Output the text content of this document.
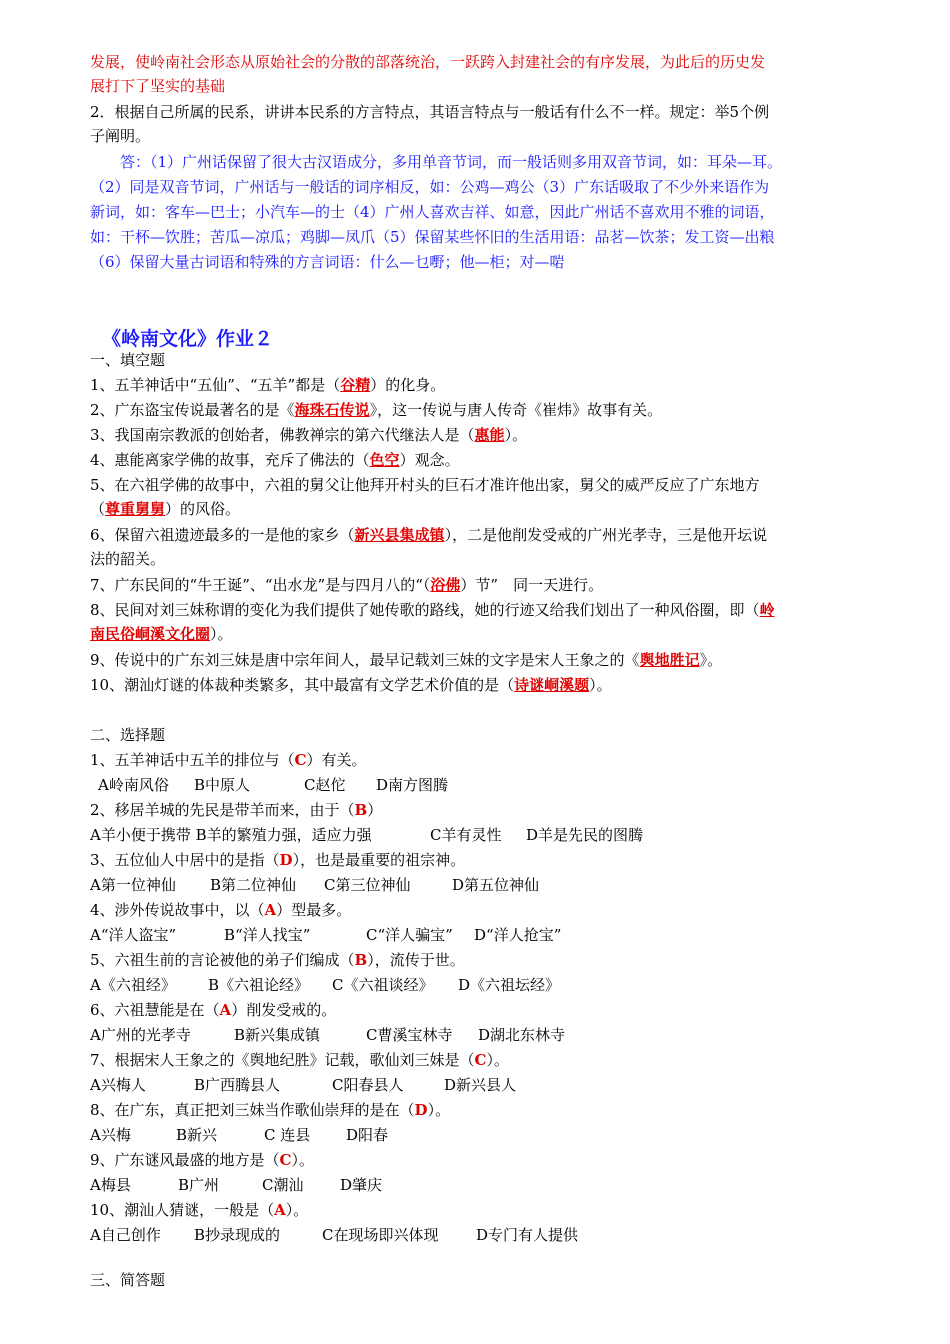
发展，使岭南社会形态从原始社会的分散的部落统治，一跃跨入封建社会的有序发展，为此后的历史发
展打下了坚实的基础
2．根据自己所属的民系，讲讲本民系的方言特点，其语言特点与一般话有什么不一样。规定：举5个例
子阐明。
答：（1）广州话保留了很大古汉语成分，多用单音节词，而一般话则多用双音节词，如：耳朵—耳。
（2）同是双音节词，广州话与一般话的词序相反，如：公鸡—鸡公（3）广东话吸取了不少外来语作为
新词，如：客车—巴士；小汽车—的士（4）广州人喜欢吉祥、如意，因此广州话不喜欢用不雅的词语，
如：干杯—饮胜；苦瓜—凉瓜；鸡脚—凤爪（5）保留某些怀旧的生活用语：品茗—饮茶；发工资—出粮
（6）保留大量古词语和特殊的方言词语：什么—乜嘢；他—柜；对—啱
《岭南文化》作业２
一、填空题
1、五羊神话中“五仙”、“五羊”都是（谷精）的化身。
2、广东盗宝传说最著名的是《海珠石传说》，这一传说与唐人传奇《崔炜》故事有关。
3、我国南宗教派的创始者，佛教禅宗的第六代继法人是（惠能）。
4、惠能离家学佛的故事，充斥了佛法的（色空）观念。
5、在六祖学佛的故事中，六祖的舅父让他拜开村头的巨石才准许他出家，舅父的威严反应了广东地方
（尊重舅舅）的风俗。
6、保留六祖遗迹最多的一是他的家乡（新兴县集成镇），二是他削发受戒的广州光孝寺，三是他开坛说
法的韶关。
7、广东民间的“牛王诞”、“出水龙”是与四月八的“（浴佛）节”　同一天进行。
8、民间对刘三妹称谓的变化为我们提供了她传歌的路线，她的行迹又给我们划出了一种风俗圈，即（岭
南民俗峒溪文化圈）。
9、传说中的广东刘三妹是唐中宗年间人，最早记载刘三妹的文字是宋人王象之的《舆地胜记》。
10、潮汕灯谜的体裁种类繁多，其中最富有文学艺术价值的是（诗谜峒溪题）。
二、选择题
1、五羊神话中五羊的排位与（C）有关。
A岭南风俗 B中原人	C赵佗 D南方图腾
2、移居羊城的先民是带羊而来，由于（B）
A羊小便于携带 B羊的繁殖力强，适应力强	C羊有灵性 D羊是先民的图腾
3、五位仙人中居中的是指（D），也是最重要的祖宗神。
A第一位神仙 B第二位神仙 C第三位神仙	D第五位神仙
4、涉外传说故事中，以（A）型最多。
A“洋人盗宝”	B“洋人找宝”	C“洋人骗宝” D“洋人抢宝”
5、六祖生前的言论被他的弟子们编成（B），流传于世。
A《六祖经》 B《六祖论经》 C《六祖谈经》 D《六祖坛经》
6、六祖慧能是在（A）削发受戒的。
A广州的光孝寺	B新兴集成镇	C曹溪宝林寺 D湖北东林寺
7、根据宋人王象之的《舆地纪胜》记载，歌仙刘三妹是（C）。
A兴梅人	B广西腾县人	C阳春县人	D新兴县人
8、在广东，真正把刘三妹当作歌仙崇拜的是在（D）。
A兴梅	B新兴	C 连县 D阳春
9、广东谜风最盛的地方是（C）。
A梅县	B广州	C潮汕 D肇庆
10、潮汕人猜谜，一般是（A）。
A自己创作 B抄录现成的	C在现场即兴体现	D专门有人提供
三、简答题
